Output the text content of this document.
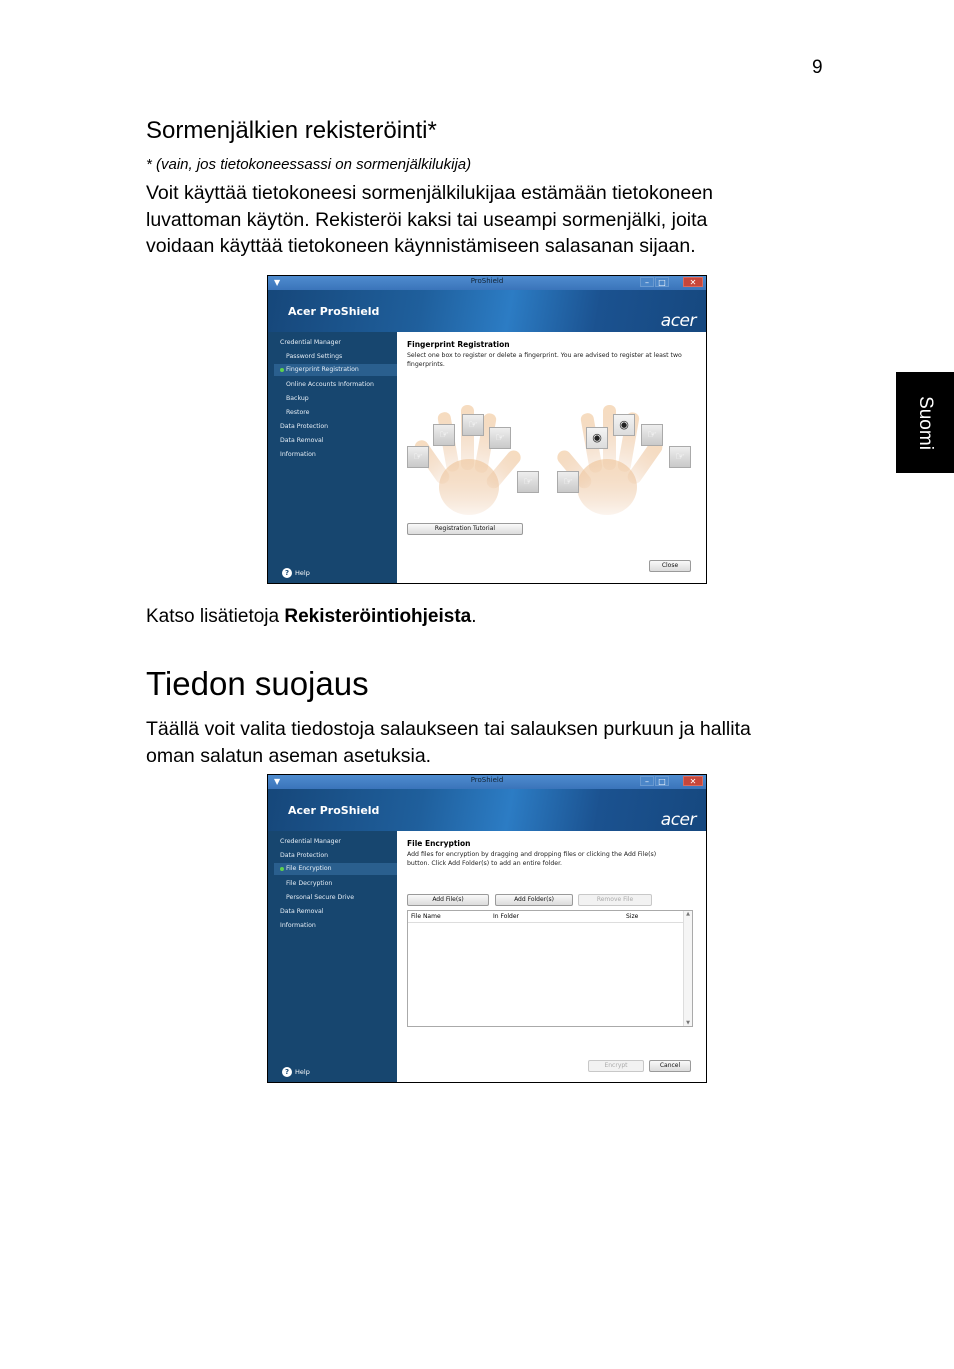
9
Suomi
Sormenjälkien rekisteröinti*
* (vain, jos tietokoneessassi on sormenjälkilukija)
Voit käyttää tietokoneesi sormenjälkilukijaa estämään tietokoneen
luvattoman käytön. Rekisteröi kaksi tai useampi sormenjälki, joita
voidaan käyttää tietokoneen käynnistämiseen salasanan sijaan.
▼	ProShield	–	□	✕
Acer ProShield	acer
Credential Manager
Password Settings
Fingerprint Registration
Online Accounts Information
Backup
Restore
Data Protection
Data Removal
Information
? Help
Fingerprint Registration
Select one box to register or delete a fingerprint. You are advised to register at least two fingerprints.
☞
☞
☞
☞
☞	☞
◉
◉
☞
☞
Registration Tutorial
Close
Katso lisätietoja Rekisteröintiohjeista.
Tiedon suojaus
Täällä voit valita tiedostoja salaukseen tai salauksen purkuun ja hallita
oman salatun aseman asetuksia.
▼	ProShield	–	□	✕
Acer ProShield	acer
Credential Manager
Data Protection
File Encryption
File Decryption
Personal Secure Drive
Data Removal
Information
? Help
File Encryption
Add files for encryption by dragging and dropping files or clicking the Add File(s) button. Click Add Folder(s) to add an entire folder.
Add File(s)	Add Folder(s)	Remove File
File Name	In Folder	Size	▲
▼
Encrypt	Cancel
